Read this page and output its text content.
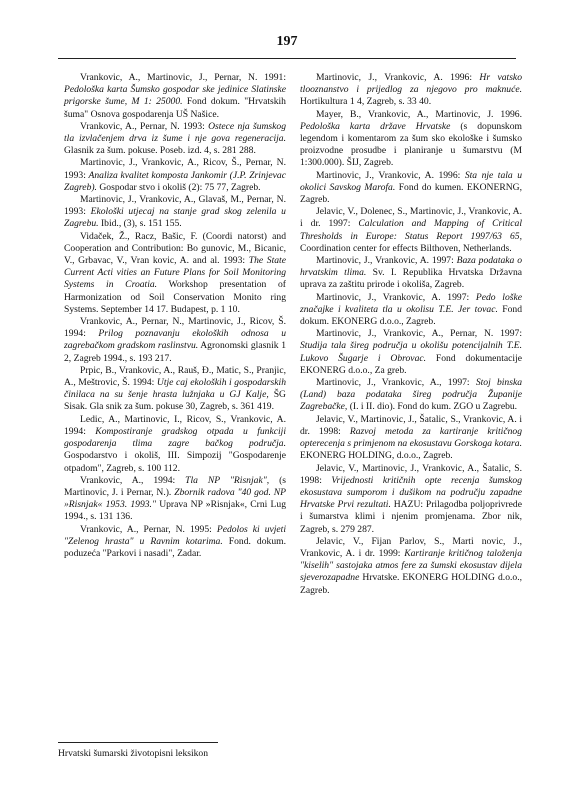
197

Vrankovic, A., Martinovic, J., Pernar, N. 1991: Pedološka karta Šumsko gospodar ske jedinice Slatinske prigorske šume, M 1: 25000. Fond dokum. "Hrvatskih šuma" Osnova gospodarenja UŠ Našice.

Vrankovic, A., Pernar, N. 1993: Ostece nja šumskog tla izvlačenjem drva iz šume i nje gova regeneracija. Glasnik za šum. pokuse. Poseb. izd. 4, s. 281 288.

Martinovic, J., Vrankovic, A., Ricov, Š., Pernar, N. 1993: Analiza kvalitet komposta Jankomir (J.P. Zrinjevac Zagreb). Gospodar stvo i okoliš (2): 75 77, Zagreb.

Martinovic, J., Vrankovic, A., Glavaš, M., Pernar, N. 1993: Ekološki utjecaj na stanje grad skog zelenila u Zagrebu. Ibid., (3), s. 151 155.

Vidaček, Ž., Racz, Bašic, F. (Coordi natorst) and Cooperation and Contribution: Bo gunovic, M., Bicanic, V., Grbavac, V., Vran kovic, A. and al. 1993: The State Current Acti vities an Future Plans for Soil Monitoring Systems in Croatia. Workshop presentation of Harmonization od Soil Conservation Monito ring Systems. September 14 17. Budapest, p. 1 10.

Vrankovic, A., Pernar, N., Martinovic, J., Ricov, Š. 1994: Prilog poznavanju ekoloških odnosa u zagrebačkom gradskom raslinstvu. Agronomski glasnik 1 2, Zagreb 1994., s. 193 217.

Prpic, B., Vrankovic, A., Rauš, Đ., Matic, S., Pranjic, A., Meštrovic, Š. 1994: Utje caj ekoloških i gospodarskih činilaca na su šenje hrasta lužnjaka u GJ Kalje, ŠG Sisak. Gla snik za šum. pokuse 30, Zagreb, s. 361 419.

Ledic, A., Martinovic, I., Ricov, S., Vrankovic, A. 1994: Kompostiranje gradskog otpada u funkciji gospodarenja tlima zagre bačkog područja. Gospodarstvo i okoliš, III. Simpozij "Gospodarenje otpadom", Zagreb, s. 100 112.

Vrankovic, A., 1994: Tla NP "Risnjak", (s Martinovic, J. i Pernar, N.). Zbornik radova "40 god. NP »Risnjak« 1953. 1993." Uprava NP »Risnjak«, Crni Lug 1994., s. 131 136.

Vrankovic, A., Pernar, N. 1995: Pedolos ki uvjeti "Zelenog hrasta" u Ravnim kotarima. Fond. dokum. poduzeća "Parkovi i nasadi", Zadar.

Martinovic, J., Vrankovic, A. 1996: Hr vatsko tlooznanstvo i prijedlog za njegovo pro maknuće. Hortikultura 1 4, Zagreb, s. 33 40.

Mayer, B., Vrankovic, A., Martinovic, J. 1996. Pedološka karta države Hrvatske (s dopunskom legendom i komentarom za šum sko ekološke i šumsko proizvodne prosudbe i planiranje u šumarstvu (M 1:300.000). ŠIJ, Zagreb.

Martinovic, J., Vrankovic, A. 1996: Sta nje tala u okolici Savskog Marofa. Fond do kumen. EKONERNG, Zagreb.

Jelavic, V., Dolenec, S., Martinovic, J., Vrankovic, A. i dr. 1997: Calculation and Mapping of Critical Thresholds in Europe: Status Report 1997/63 65, Coordination center for effects Bilthoven, Netherlands.

Martinovic, J., Vrankovic, A. 1997: Baza podataka o hrvatskim tlima. Sv. I. Republika Hrvatska Državna uprava za zaštitu prirode i okoliša, Zagreb.

Martinovic, J., Vrankovic, A. 1997: Pedo loške značajke i kvaliteta tla u okolisu T.E. Jer tovac. Fond dokum. EKONERG d.o.o., Zagreb.

Martinovic, J., Vrankovic, A., Pernar, N. 1997: Studija tala šireg područja u okolišu potencijalnih T.E. Lukovo Šugarje i Obrovac. Fond dokumentacije EKONERG d.o.o., Za greb.

Martinovic, J., Vrankovic, A., 1997: Stoj binska (Land) baza podataka šireg područja Županije Zagrebačke, (I. i II. dio). Fond do kum. ZGO u Zagrebu.

Jelavic, V., Martinovic, J., Šatalic, S., Vrankovic, A. i dr. 1998: Razvoj metoda za kartiranje kritičnog opterecenja s primjenom na ekosustavu Gorskoga kotara. EKONERG HOLDING, d.o.o., Zagreb.

Jelavic, V., Martinovic, J., Vrankovic, A., Šatalic, S. 1998: Vrijednosti kritičnih opte recenja šumskog ekosustava sumporom i dušikom na području zapadne Hrvatske Prvi rezultati. HAZU: Prilagodba poljoprivrede i šumarstva klimi i njenim promjenama. Zbor nik, Zagreb, s. 279 287.

Jelavic, V., Fijan Parlov, S., Marti novic, J., Vrankovic, A. i dr. 1999: Kartiranje kritičnog taloženja "kiselih" sastojaka atmos fere za šumski ekosustav dijela sjeverozapadne Hrvatske. EKONERG HOLDING d.o.o., Zagreb.

Hrvatski šumarski životopisni leksikon
